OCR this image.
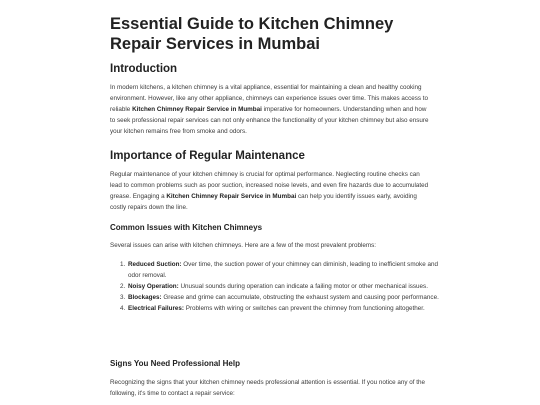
Essential Guide to Kitchen Chimney Repair Services in Mumbai
Introduction

In modern kitchens, a kitchen chimney is a vital appliance, essential for maintaining a clean and healthy cooking environment. However, like any other appliance, chimneys can experience issues over time. This makes access to reliable Kitchen Chimney Repair Service in Mumbai imperative for homeowners. Understanding when and how to seek professional repair services can not only enhance the functionality of your kitchen chimney but also ensure your kitchen remains free from smoke and odors.

Importance of Regular Maintenance

Regular maintenance of your kitchen chimney is crucial for optimal performance. Neglecting routine checks can lead to common problems such as poor suction, increased noise levels, and even fire hazards due to accumulated grease. Engaging a Kitchen Chimney Repair Service in Mumbai can help you identify issues early, avoiding costly repairs down the line.

Common Issues with Kitchen Chimneys

Several issues can arise with kitchen chimneys. Here are a few of the most prevalent problems:

1. Reduced Suction: Over time, the suction power of your chimney can diminish, leading to inefficient smoke and odor removal.
2. Noisy Operation: Unusual sounds during operation can indicate a failing motor or other mechanical issues.
3. Blockages: Grease and grime can accumulate, obstructing the exhaust system and causing poor performance.
4. Electrical Failures: Problems with wiring or switches can prevent the chimney from functioning altogether.
Signs You Need Professional Help

Recognizing the signs that your kitchen chimney needs professional attention is essential. If you notice any of the following, it's time to contact a repair service:
